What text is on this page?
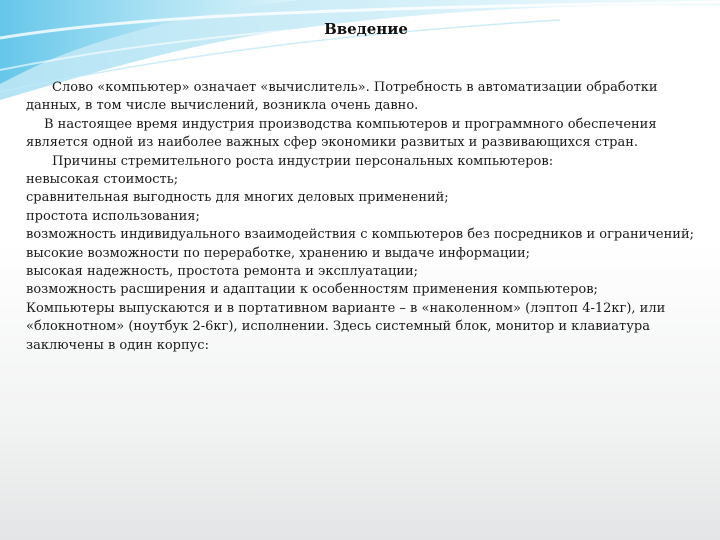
Введение

Слово «компьютер» означает «вычислитель». Потребность в автоматизации обработки данных, в том числе вычислений, возникла очень давно.

В настоящее время индустрия производства компьютеров и программного обеспечения является одной из наиболее важных сфер экономики развитых и развивающихся стран.

Причины стремительного роста индустрии персональных компьютеров:

невысокая стоимость;

сравнительная выгодность для многих деловых применений;

простота использования;

возможность индивидуального взаимодействия с компьютеров без посредников и ограничений;

высокие возможности по переработке, хранению и выдаче информации;

высокая надежность, простота ремонта и эксплуатации;

возможность расширения и адаптации к особенностям применения компьютеров;

Компьютеры выпускаются и в портативном варианте – в «наколенном» (лэптоп 4-12кг), или «блокнотном» (ноутбук 2-6кг), исполнении. Здесь системный блок, монитор и клавиатура заключены в один корпус:
